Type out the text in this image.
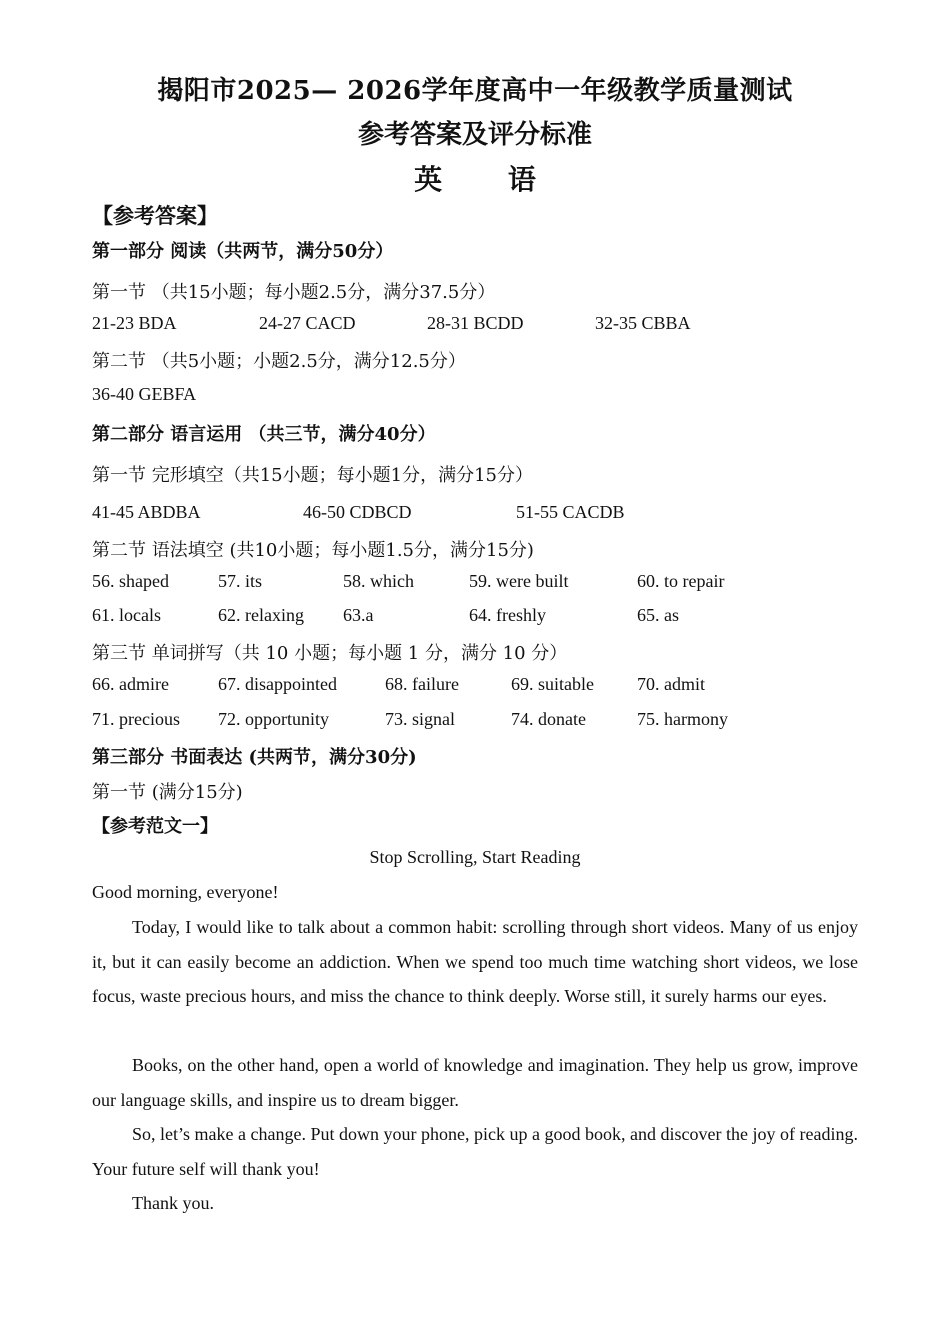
揭阳市2025— 2026学年度高中一年级教学质量测试
参考答案及评分标准
英 语
【参考答案】
第一部分 阅读（共两节，满分50分）
第一节 （共15小题；每小题2.5分，满分37.5分）
21-23 BDA	24-27 CACD	28-31 BCDD	32-35 CBBA
第二节 （共5小题；小题2.5分，满分12.5分）
36-40 GEBFA
第二部分 语言运用 （共三节，满分40分）
第一节 完形填空（共15小题；每小题1分，满分15分）
41-45 ABDBA	46-50 CDBCD	51-55 CACDB
第二节 语法填空 (共10小题；每小题1.5分，满分15分)
56. shaped	57. its	58. which	59. were built	60. to repair
61. locals	62. relaxing 63.a	64. freshly	65. as
第三节 单词拼写（共 10 小题；每小题 1 分，满分 10 分）
66. admire	67. disappointed	68. failure	69. suitable 70. admit
71. precious 72. opportunity	73. signal	74. donate	75. harmony
第三部分 书面表达 (共两节，满分30分)
第一节 (满分15分)
【参考范文一】
Stop Scrolling, Start Reading
Good morning, everyone!
Today, I would like to talk about a common habit: scrolling through short videos. Many of us enjoy it, but it can easily become an addiction. When we spend too much time watching short videos, we lose focus, waste precious hours, and miss the chance to think deeply. Worse still, it surely harms our eyes.
Books, on the other hand, open a world of knowledge and imagination. They help us grow, improve our language skills, and inspire us to dream bigger.
So, let’s make a change. Put down your phone, pick up a good book, and discover the joy of reading. Your future self will thank you!
Thank you.
